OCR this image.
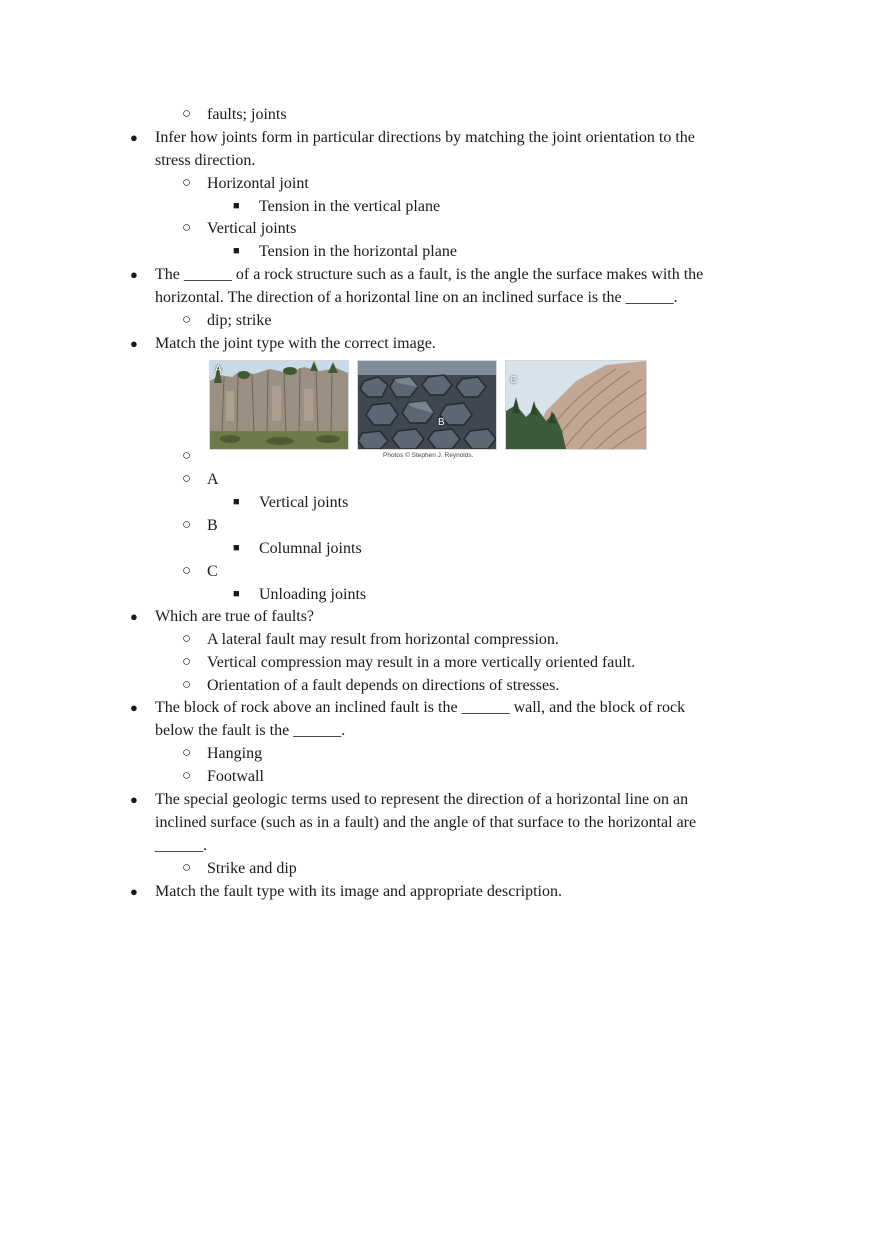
○ faults; joints
● Infer how joints form in particular directions by matching the joint orientation to the
stress direction.
○ Horizontal joint
■ Tension in the vertical plane
○ Vertical joints
■ Tension in the horizontal plane
● The ______ of a rock structure such as a fault, is the angle the surface makes with the
horizontal. The direction of a horizontal line on an inclined surface is the ______.
○ dip; strike
● Match the joint type with the correct image.
A
B
C
Photos © Stephen J. Reynolds.
○
○ A
■ Vertical joints
○ B
■ Columnal joints
○ C
■ Unloading joints
● Which are true of faults?
○ A lateral fault may result from horizontal compression.
○ Vertical compression may result in a more vertically oriented fault.
○ Orientation of a fault depends on directions of stresses.
● The block of rock above an inclined fault is the ______ wall, and the block of rock
below the fault is the ______.
○ Hanging
○ Footwall
● The special geologic terms used to represent the direction of a horizontal line on an
inclined surface (such as in a fault) and the angle of that surface to the horizontal are
______.
○ Strike and dip
● Match the fault type with its image and appropriate description.
